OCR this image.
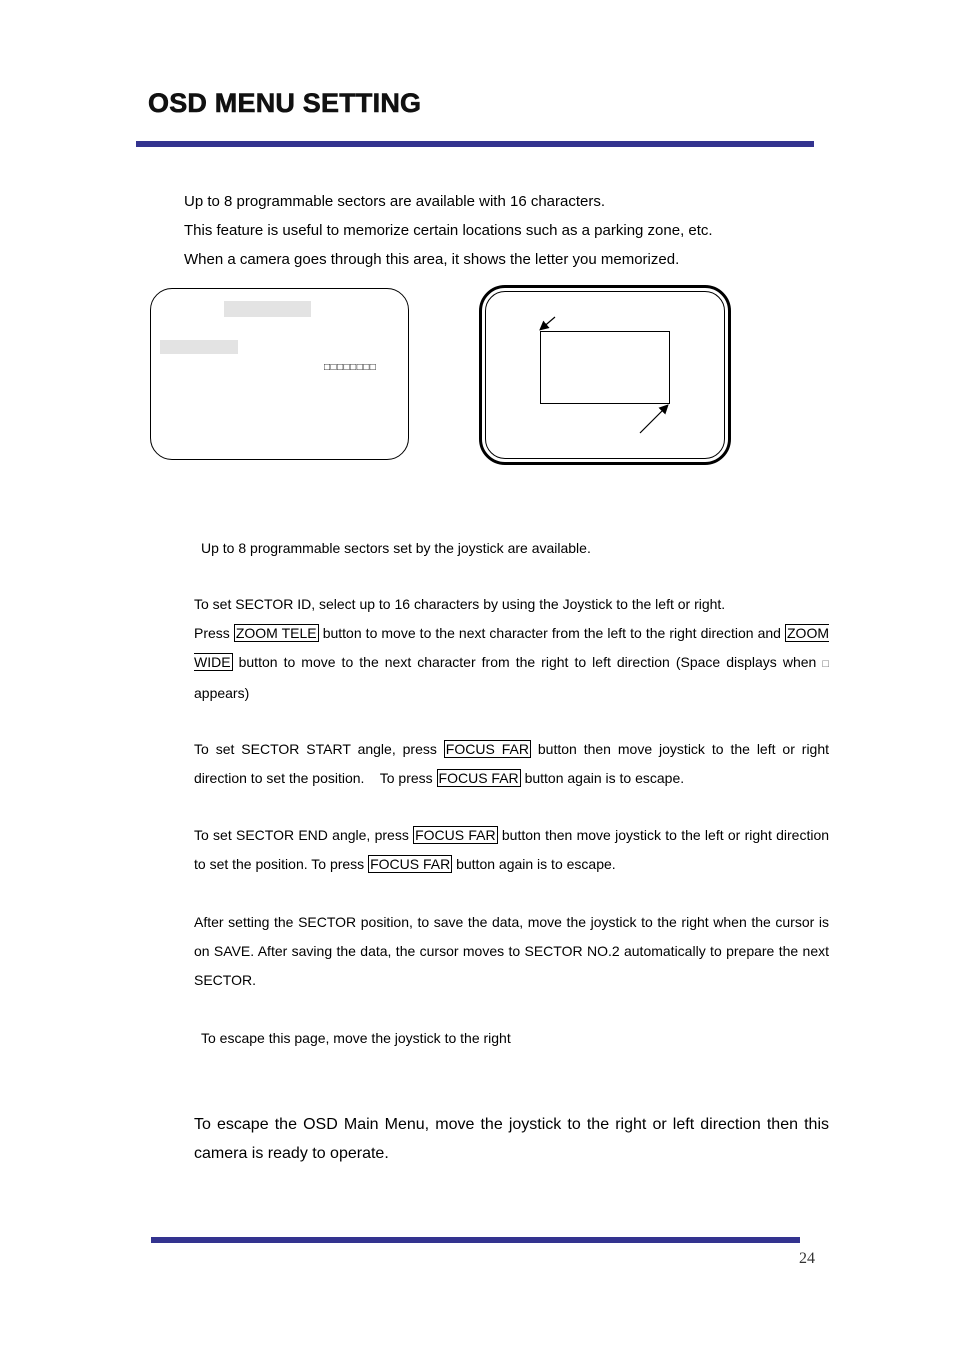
OSD MENU SETTING
Up to 8 programmable sectors are available with 16 characters.
This feature is useful to memorize certain locations such as a parking zone, etc.
When a camera goes through this area, it shows the letter you memorized.
□□□□□□□□
Up to 8 programmable sectors set by the joystick are available.
To set SECTOR ID, select up to 16 characters by using the Joystick to the left or right.
Press ZOOM TELE button to move to the next character from the left to the right direction and ZOOM WIDE button to move to the next character from the right to left direction (Space displays when □ appears)
To set SECTOR START angle, press FOCUS FAR button then move joystick to the left or right direction to set the position.    To press FOCUS FAR button again is to escape.
To set SECTOR END angle, press FOCUS FAR button then move joystick to the left or right direction to set the position. To press FOCUS FAR button again is to escape.
After setting the SECTOR position, to save the data, move the joystick to the right when the cursor is on SAVE. After saving the data, the cursor moves to SECTOR NO.2 automatically to prepare the next SECTOR.
To escape this page, move the joystick to the right
To escape the OSD Main Menu, move the joystick to the right or left direction then this camera is ready to operate.
24
